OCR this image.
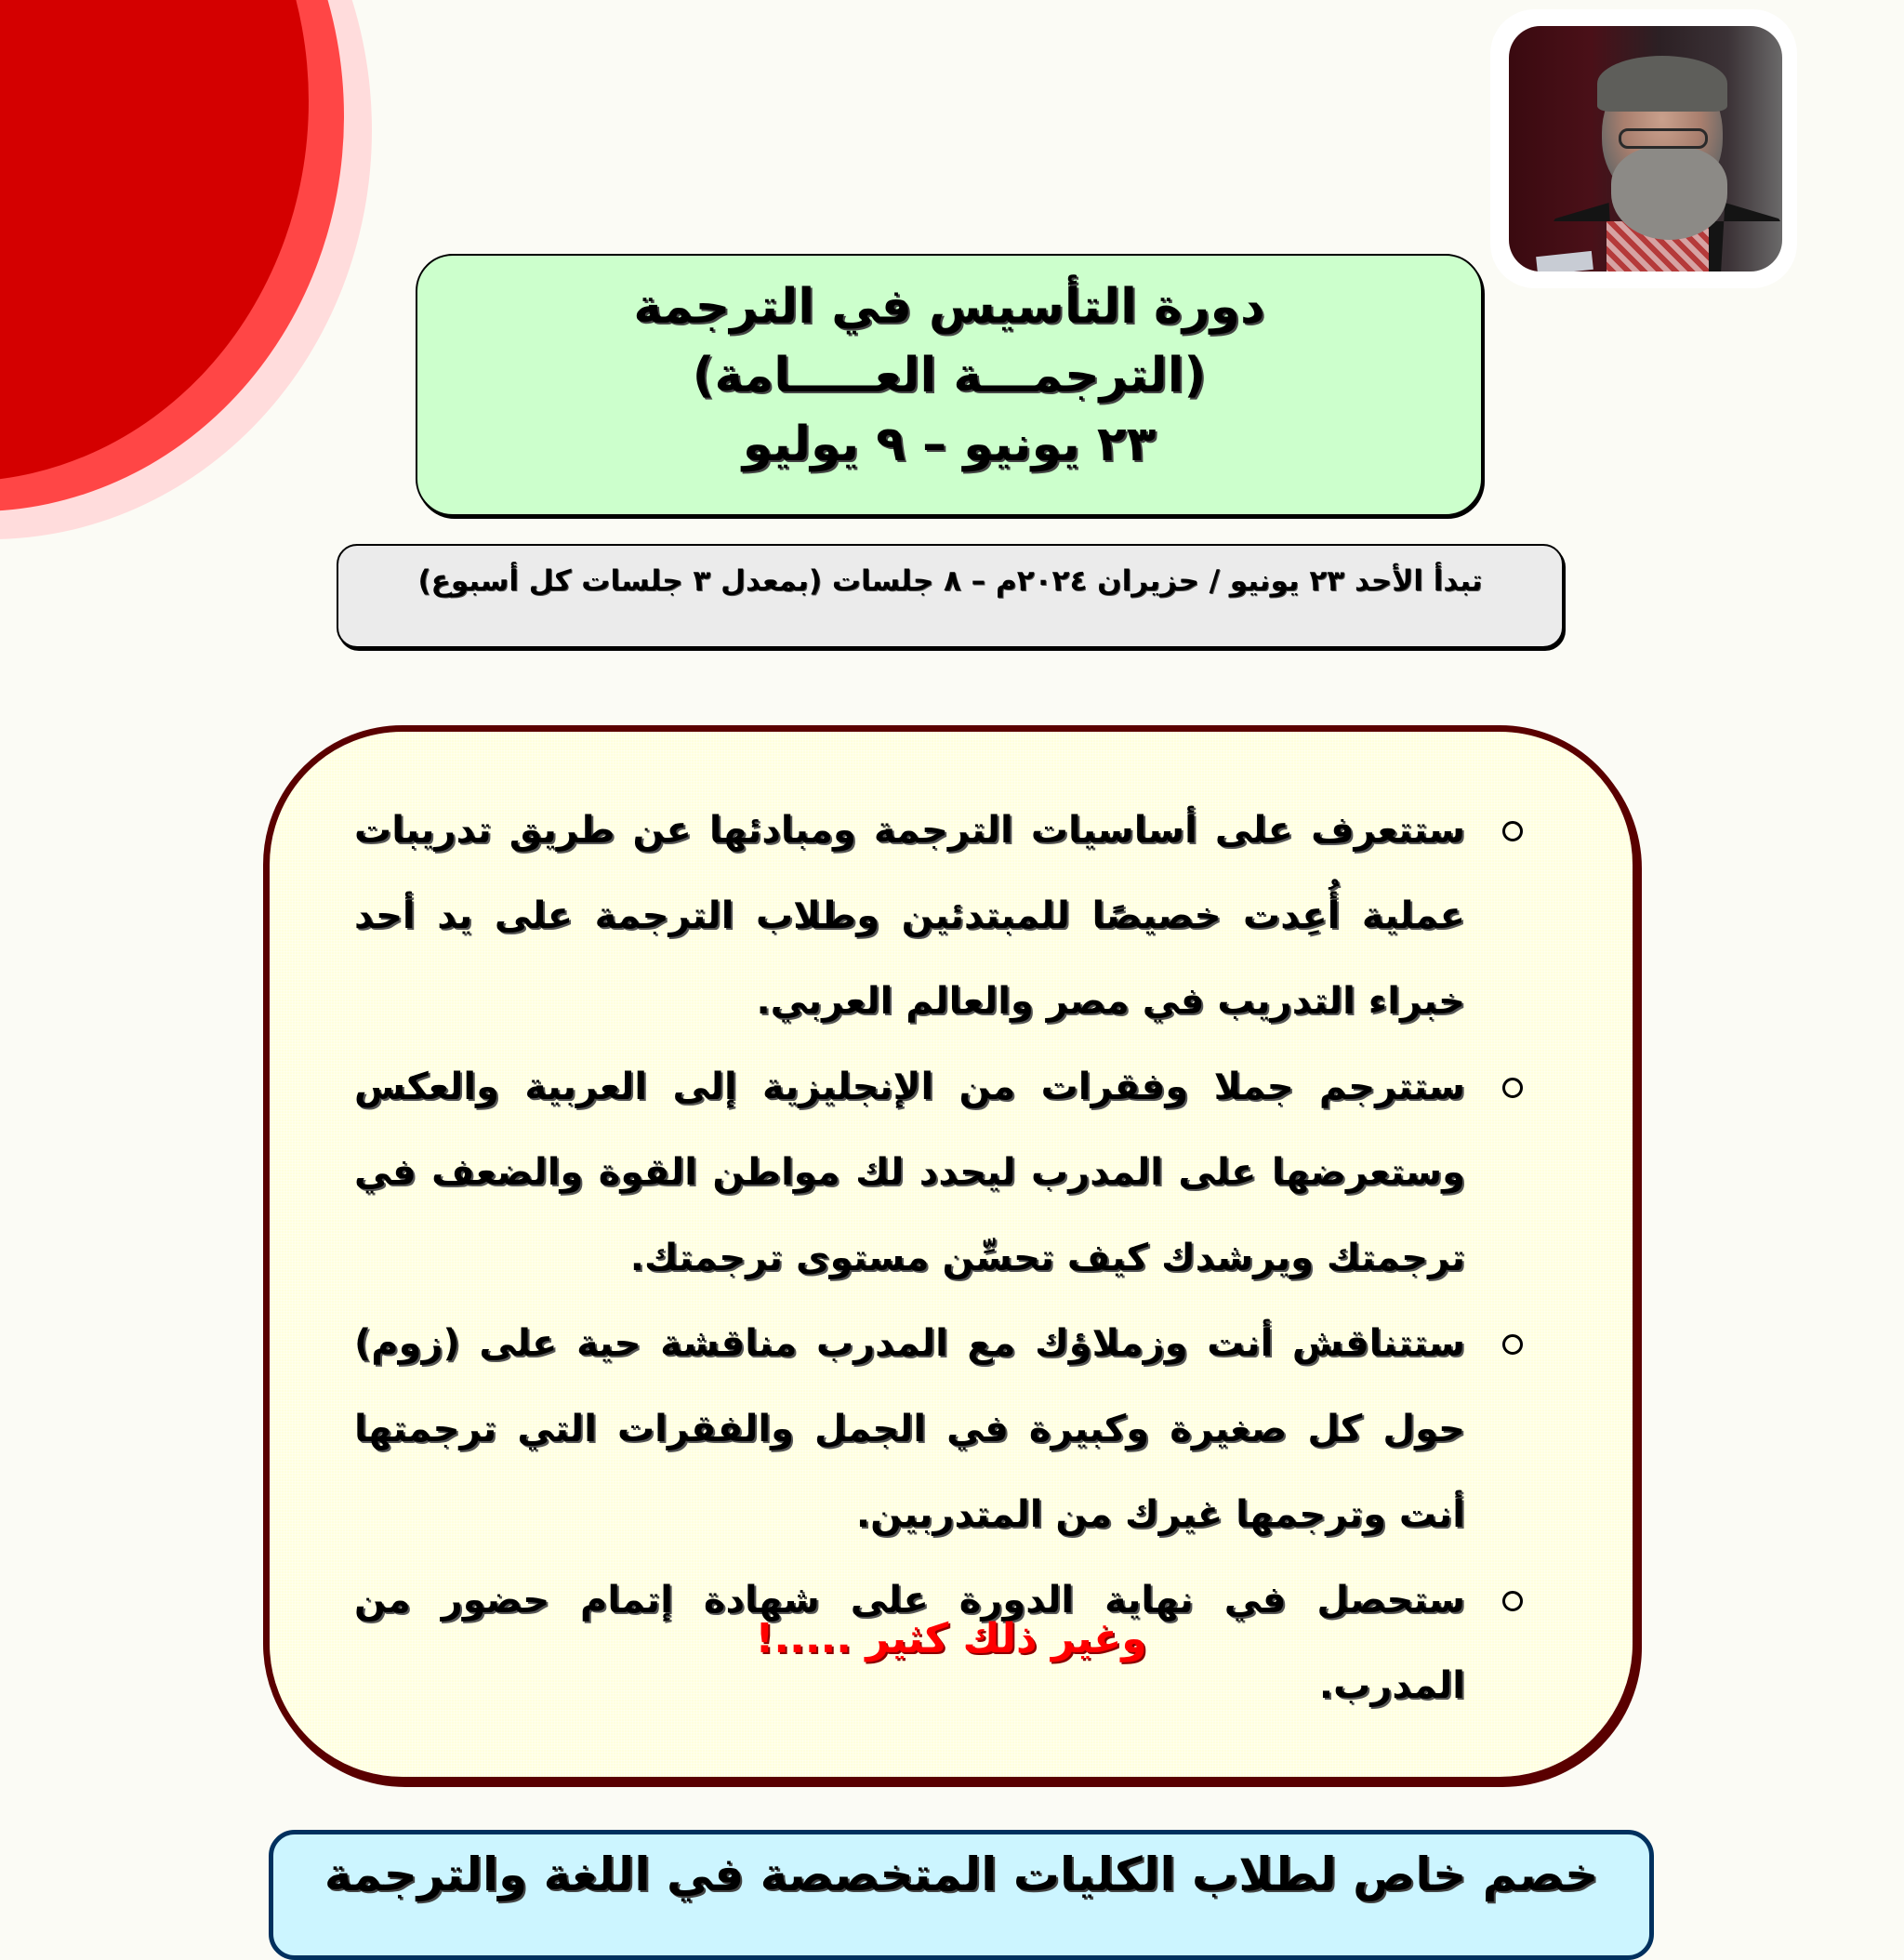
دورة التأسيس في الترجمة
(الترجمـــة العـــــامة)
٢٣ يونيو – ٩ يوليو
تبدأ الأحد ٢٣ يونيو / حزيران ٢٠٢٤م – ٨ جلسات (بمعدل ٣ جلسات كل أسبوع)
ستتعرف على أساسيات الترجمة ومبادئها عن طريق تدريبات عملية أُعِدت خصيصًا للمبتدئين وطلاب الترجمة على يد أحد خبراء التدريب في مصر والعالم العربي.
ستترجم جملا وفقرات من الإنجليزية إلى العربية والعكس وستعرضها على المدرب ليحدد لك مواطن القوة والضعف في ترجمتك ويرشدك كيف تحسِّن مستوى ترجمتك.
ستتناقش أنت وزملاؤك مع المدرب مناقشة حية على (زوم) حول كل صغيرة وكبيرة في الجمل والفقرات التي ترجمتها أنت وترجمها غيرك من المتدربين.
ستحصل في نهاية الدورة على شهادة إتمام حضور من المدرب.
وغير ذلك كثير .....!
خصم خاص لطلاب الكليات المتخصصة في اللغة والترجمة
